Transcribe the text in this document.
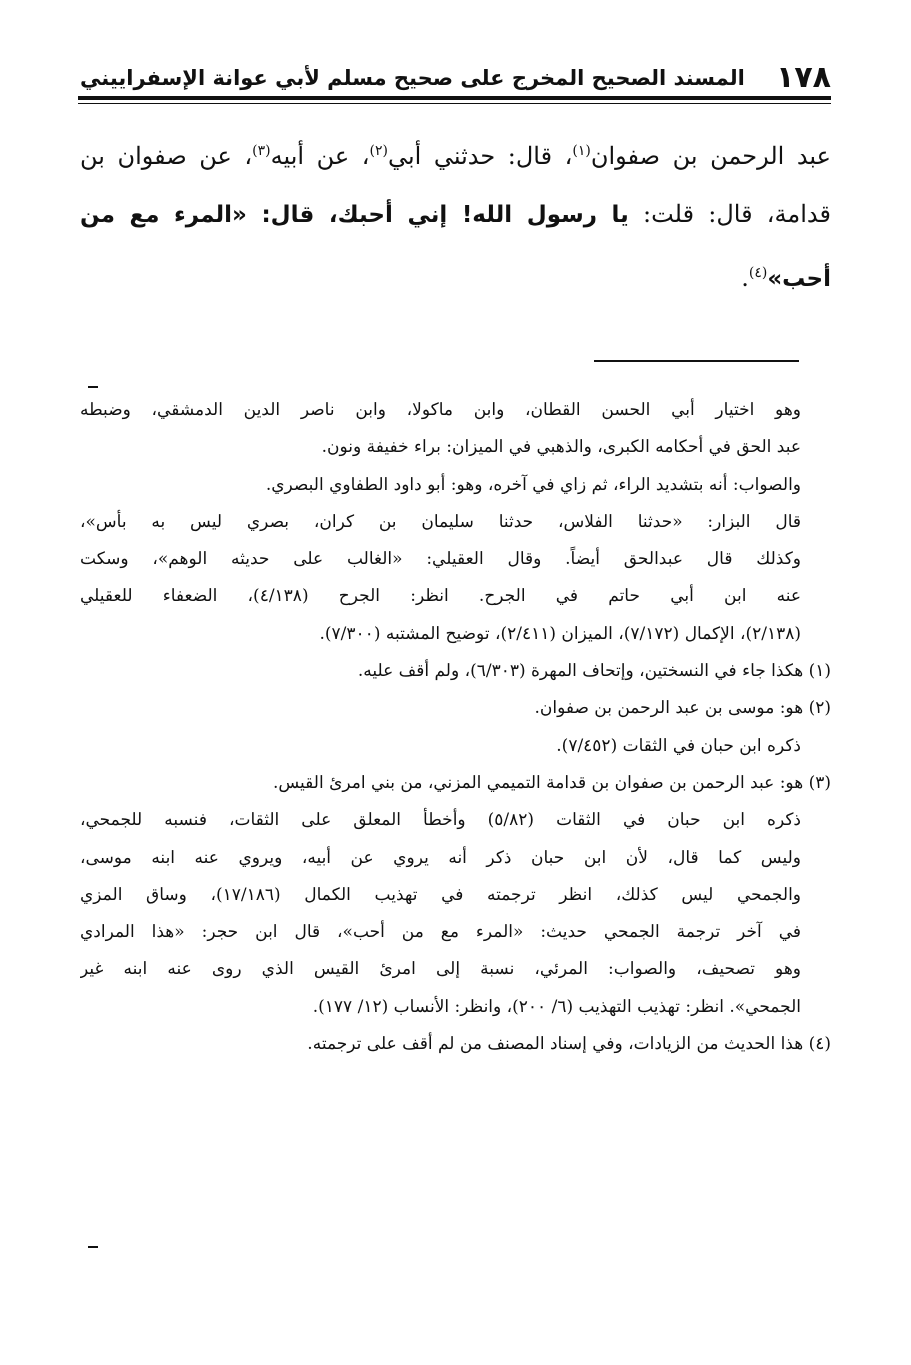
١٧٨
المسند الصحيح المخرج على صحيح مسلم لأبي عوانة الإسفراييني
عبد الرحمن بن صفوان$^{(١)}$، قال: حدثني أبي$^{(٢)}$، عن أبيه$^{(٣)}$، عن صفوان بن قدامة، قال: قلت: يا رسول الله! إني أحبك، قال: «المرء مع من أحب»$^{(٤)}$.
وهو اختيار أبي الحسن القطان، وابن ماكولا، وابن ناصر الدين الدمشقي، وضبطه
عبد الحق في أحكامه الكبرى، والذهبي في الميزان: براء خفيفة ونون.
والصواب: أنه بتشديد الراء، ثم زاي في آخره، وهو: أبو داود الطفاوي البصري.
قال البزار: «حدثنا الفلاس، حدثنا سليمان بن كران، بصري ليس به بأس»،
وكذلك قال عبدالحق أيضاً. وقال العقيلي: «الغالب على حديثه الوهم»، وسكت
عنه ابن أبي حاتم في الجرح. انظر: الجرح (٤/١٣٨)، الضعفاء للعقيلي
(٢/١٣٨)، الإكمال (٧/١٧٢)، الميزان (٢/٤١١)، توضيح المشتبه (٧/٣٠٠).
(١) هكذا جاء في النسختين، وإتحاف المهرة (٦/٣٠٣)، ولم أقف عليه.
(٢) هو: موسى بن عبد الرحمن بن صفوان.
ذكره ابن حبان في الثقات (٧/٤٥٢).
(٣) هو: عبد الرحمن بن صفوان بن قدامة التميمي المزني، من بني امرئ القيس.
ذكره ابن حبان في الثقات (٥/٨٢) وأخطأ المعلق على الثقات، فنسبه للجمحي،
وليس كما قال، لأن ابن حبان ذكر أنه يروي عن أبيه، ويروي عنه ابنه موسى،
والجمحي ليس كذلك، انظر ترجمته في تهذيب الكمال (١٧/١٨٦)، وساق المزي
في آخر ترجمة الجمحي حديث: «المرء مع من أحب»، قال ابن حجر: «هذا المرادي
وهو تصحيف، والصواب: المرئي، نسبة إلى امرئ القيس الذي روى عنه ابنه غير
الجمحي». انظر: تهذيب التهذيب (٦/ ٢٠٠)، وانظر: الأنساب (١٢/ ١٧٧).
(٤) هذا الحديث من الزيادات، وفي إسناد المصنف من لم أقف على ترجمته.
